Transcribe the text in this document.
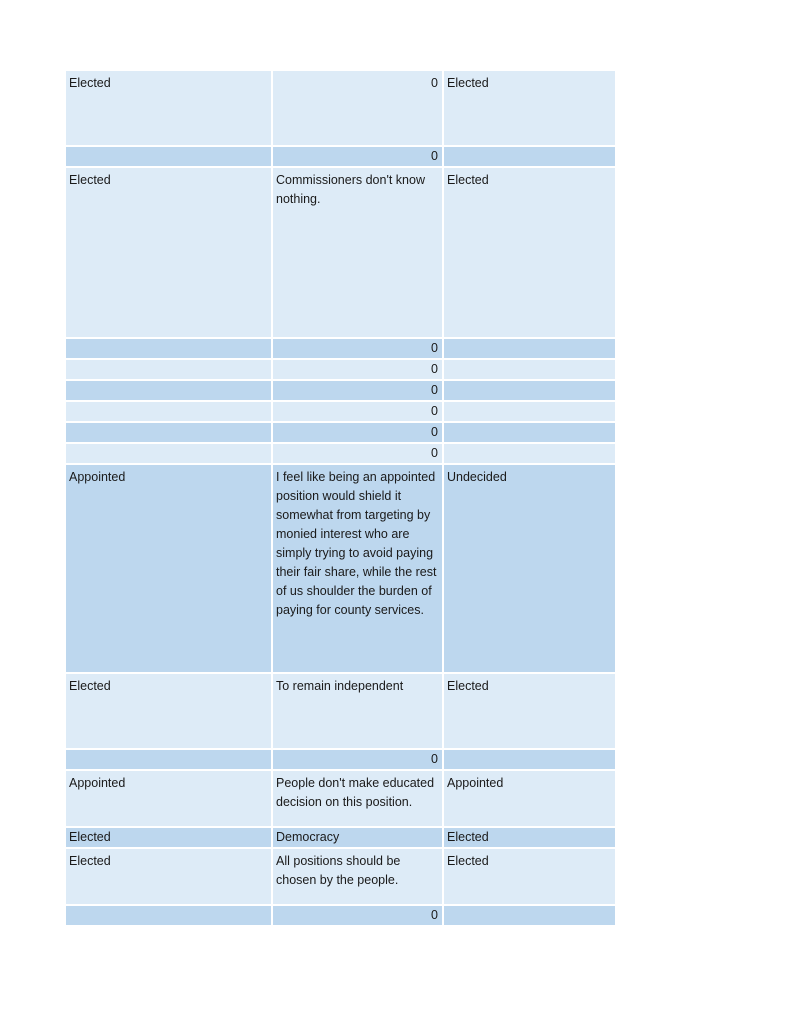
Elected	0	Elected
	0	
Elected	Commissioners don't know nothing.	Elected
	0	
	0	
	0	
	0	
	0	
	0	
Appointed	I feel like being an appointed position would shield it somewhat from targeting by monied interest who are simply trying to avoid paying their fair share, while the rest of us shoulder the burden of paying for county services.	Undecided
Elected	To remain independent	Elected
	0	
Appointed	People don't make educated decision on this position.	Appointed
Elected	Democracy	Elected
Elected	All positions should be chosen by the people.	Elected
	0	
